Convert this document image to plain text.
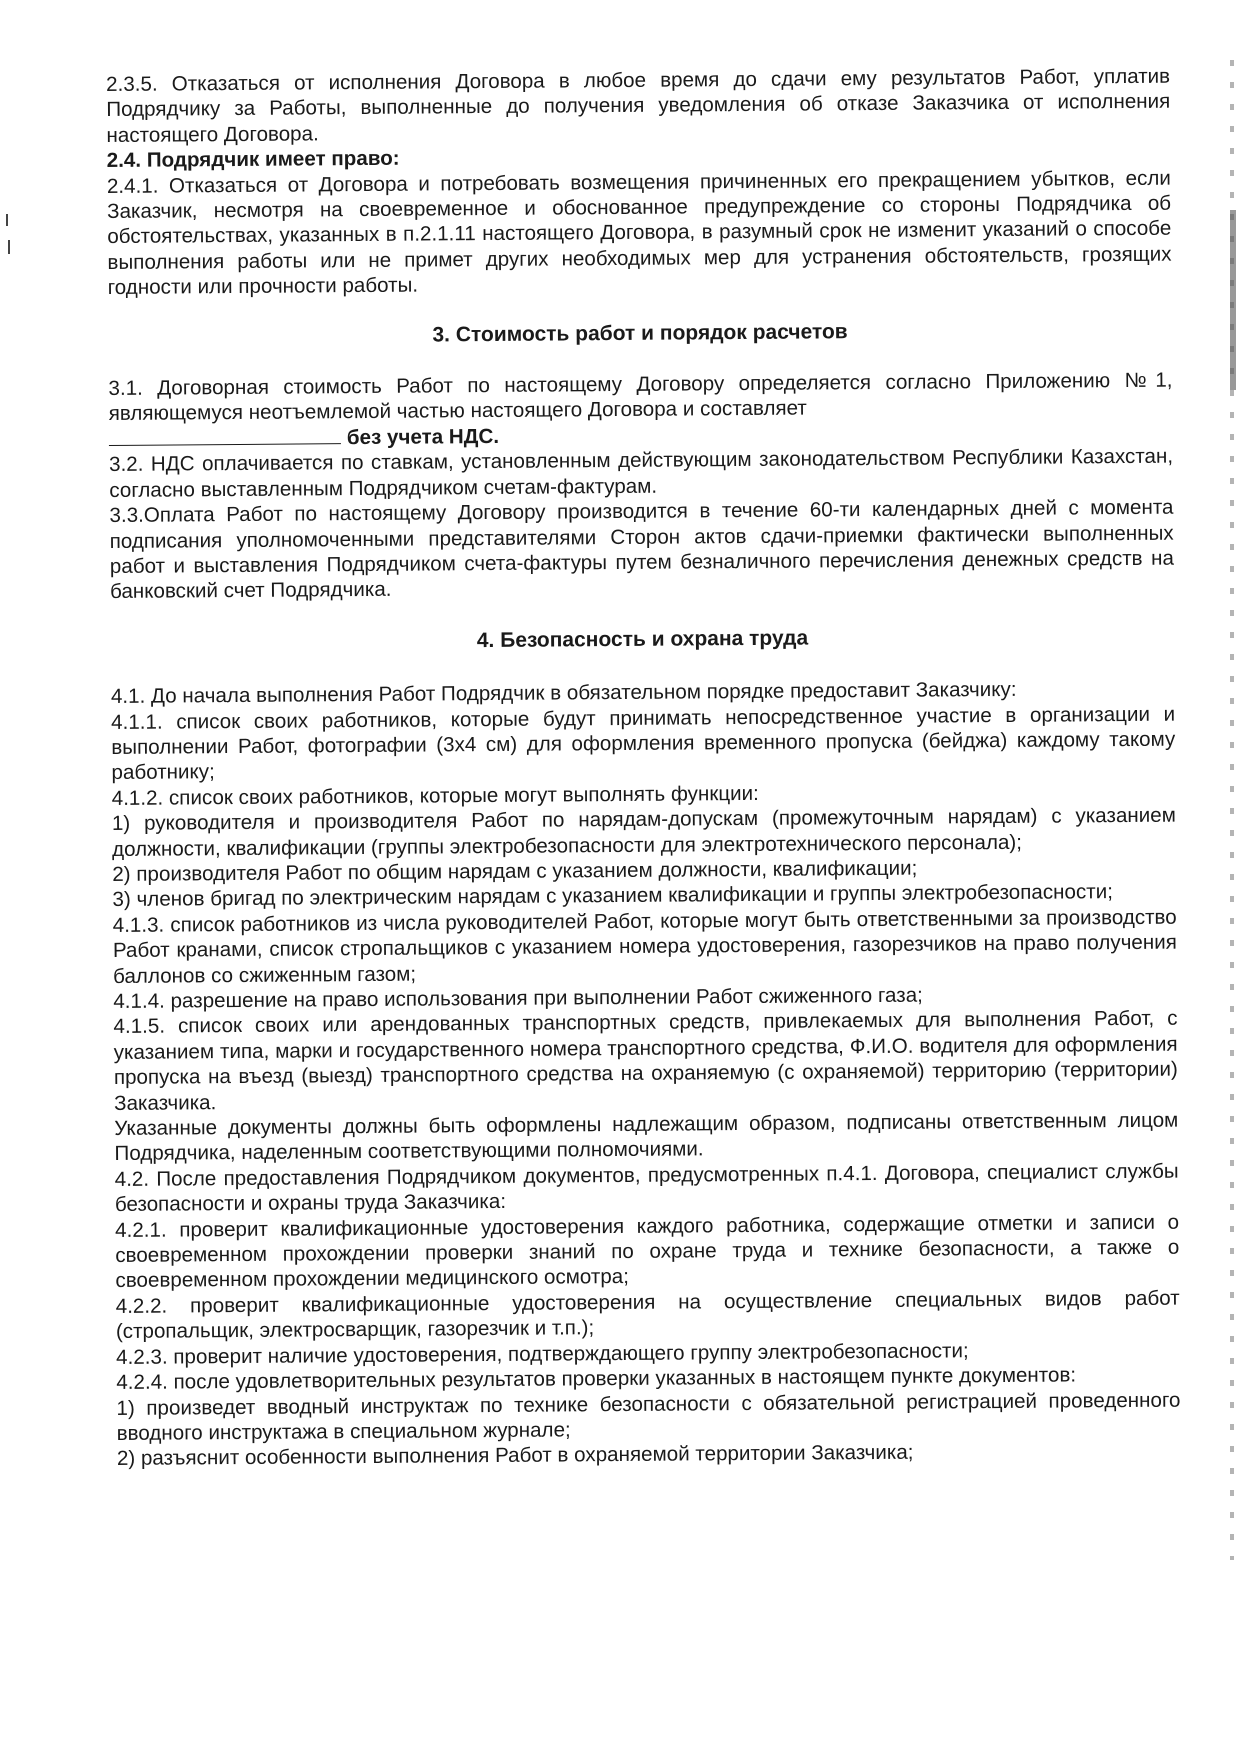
2.3.5. Отказаться от исполнения Договора в любое время до сдачи ему результатов Работ, уплатив Подрядчику за Работы, выполненные до получения уведомления об отказе Заказчика от исполнения настоящего Договора.

2.4. Подрядчик имеет право:

2.4.1. Отказаться от Договора и потребовать возмещения причиненных его прекращением убытков, если Заказчик, несмотря на своевременное и обоснованное предупреждение со стороны Подрядчика об обстоятельствах, указанных в п.2.1.11 настоящего Договора, в разумный срок не изменит указаний о способе выполнения работы или не примет других необходимых мер для устранения обстоятельств, грозящих годности или прочности работы.

3. Стоимость работ и порядок расчетов

3.1. Договорная стоимость Работ по настоящему Договору определяется согласно Приложению №1, являющемуся неотъемлемой частью настоящего Договора и составляет
без учета НДС.

3.2. НДС оплачивается по ставкам, установленным действующим законодательством Республики Казахстан, согласно выставленным Подрядчиком счетам-фактурам.

3.3.Оплата Работ по настоящему Договору производится в течение 60-ти календарных дней с момента подписания уполномоченными представителями Сторон актов сдачи-приемки фактически выполненных работ и выставления Подрядчиком счета-фактуры путем безналичного перечисления денежных средств на банковский счет Подрядчика.

4. Безопасность и охрана труда

4.1. До начала выполнения Работ Подрядчик в обязательном порядке предоставит Заказчику:

4.1.1. список своих работников, которые будут принимать непосредственное участие в организации и выполнении Работ, фотографии (3x4 см) для оформления временного пропуска (бейджа) каждому такому работнику;

4.1.2. список своих работников, которые могут выполнять функции:

1) руководителя и производителя Работ по нарядам-допускам (промежуточным нарядам) с указанием должности, квалификации (группы электробезопасности для электротехнического персонала);

2) производителя Работ по общим нарядам с указанием должности, квалификации;

3) членов бригад по электрическим нарядам с указанием квалификации и группы электробезопасности;

4.1.3. список работников из числа руководителей Работ, которые могут быть ответственными за производство Работ кранами, список стропальщиков с указанием номера удостоверения, газорезчиков на право получения баллонов со сжиженным газом;

4.1.4. разрешение на право использования при выполнении Работ сжиженного газа;

4.1.5. список своих или арендованных транспортных средств, привлекаемых для выполнения Работ, с указанием типа, марки и государственного номера транспортного средства, Ф.И.О. водителя для оформления пропуска на въезд (выезд) транспортного средства на охраняемую (с охраняемой) территорию (территории) Заказчика.

Указанные документы должны быть оформлены надлежащим образом, подписаны ответственным лицом Подрядчика, наделенным соответствующими полномочиями.

4.2. После предоставления Подрядчиком документов, предусмотренных п.4.1. Договора, специалист службы безопасности и охраны труда Заказчика:

4.2.1. проверит квалификационные удостоверения каждого работника, содержащие отметки и записи о своевременном прохождении проверки знаний по охране труда и технике безопасности, а также о своевременном прохождении медицинского осмотра;

4.2.2. проверит квалификационные удостоверения на осуществление специальных видов работ (стропальщик, электросварщик, газорезчик и т.п.);

4.2.3. проверит наличие удостоверения, подтверждающего группу электробезопасности;

4.2.4. после удовлетворительных результатов проверки указанных в настоящем пункте документов:

1) произведет вводный инструктаж по технике безопасности с обязательной регистрацией проведенного вводного инструктажа в специальном журнале;

2) разъяснит особенности выполнения Работ в охраняемой территории Заказчика;
